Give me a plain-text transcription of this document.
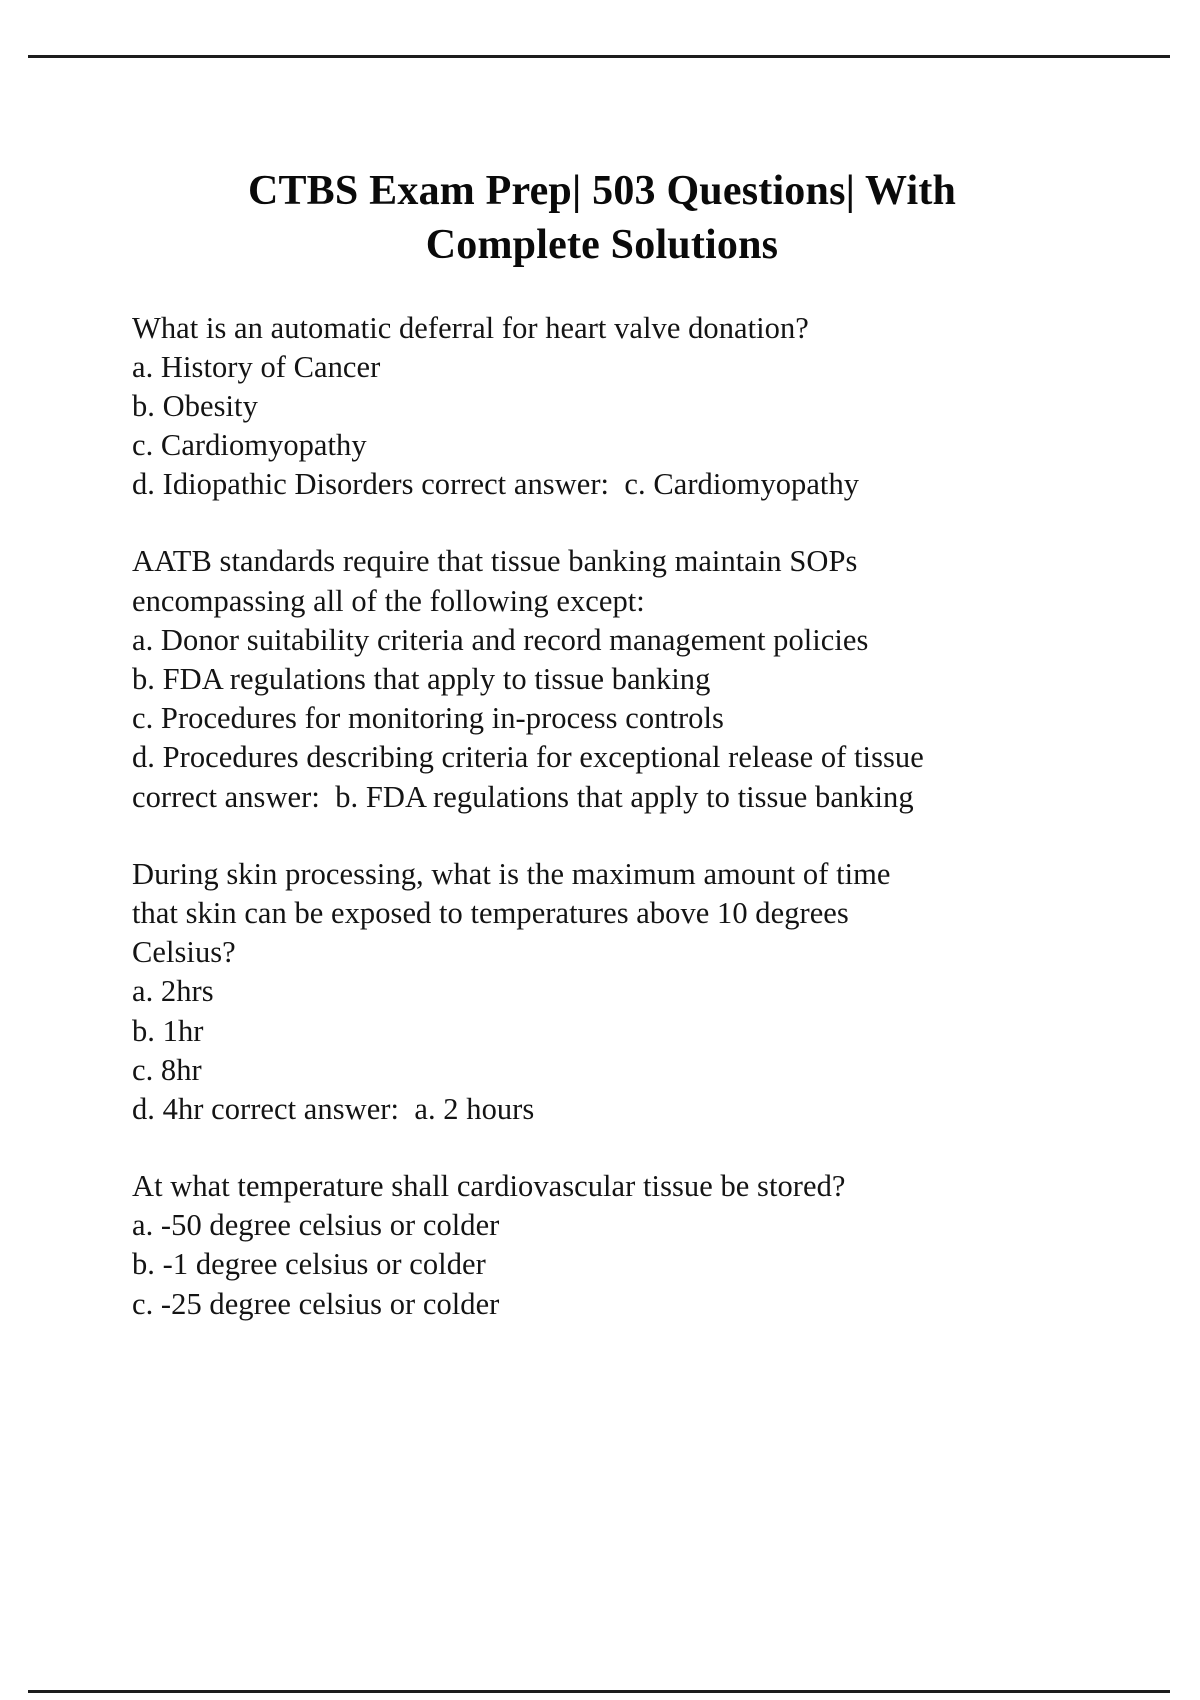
CTBS Exam Prep| 503 Questions| With Complete Solutions

What is an automatic deferral for heart valve donation?

a. History of Cancer

b. Obesity

c. Cardiomyopathy

d. Idiopathic Disorders correct answer:  c. Cardiomyopathy

AATB standards require that tissue banking maintain SOPs

encompassing all of the following except:

a. Donor suitability criteria and record management policies

b. FDA regulations that apply to tissue banking

c. Procedures for monitoring in-process controls

d. Procedures describing criteria for exceptional release of tissue

correct answer:  b. FDA regulations that apply to tissue banking

During skin processing, what is the maximum amount of time

that skin can be exposed to temperatures above 10 degrees

Celsius?

a. 2hrs

b. 1hr

c. 8hr

d. 4hr correct answer:  a. 2 hours

At what temperature shall cardiovascular tissue be stored?

a. -50 degree celsius or colder

b. -1 degree celsius or colder

c. -25 degree celsius or colder
